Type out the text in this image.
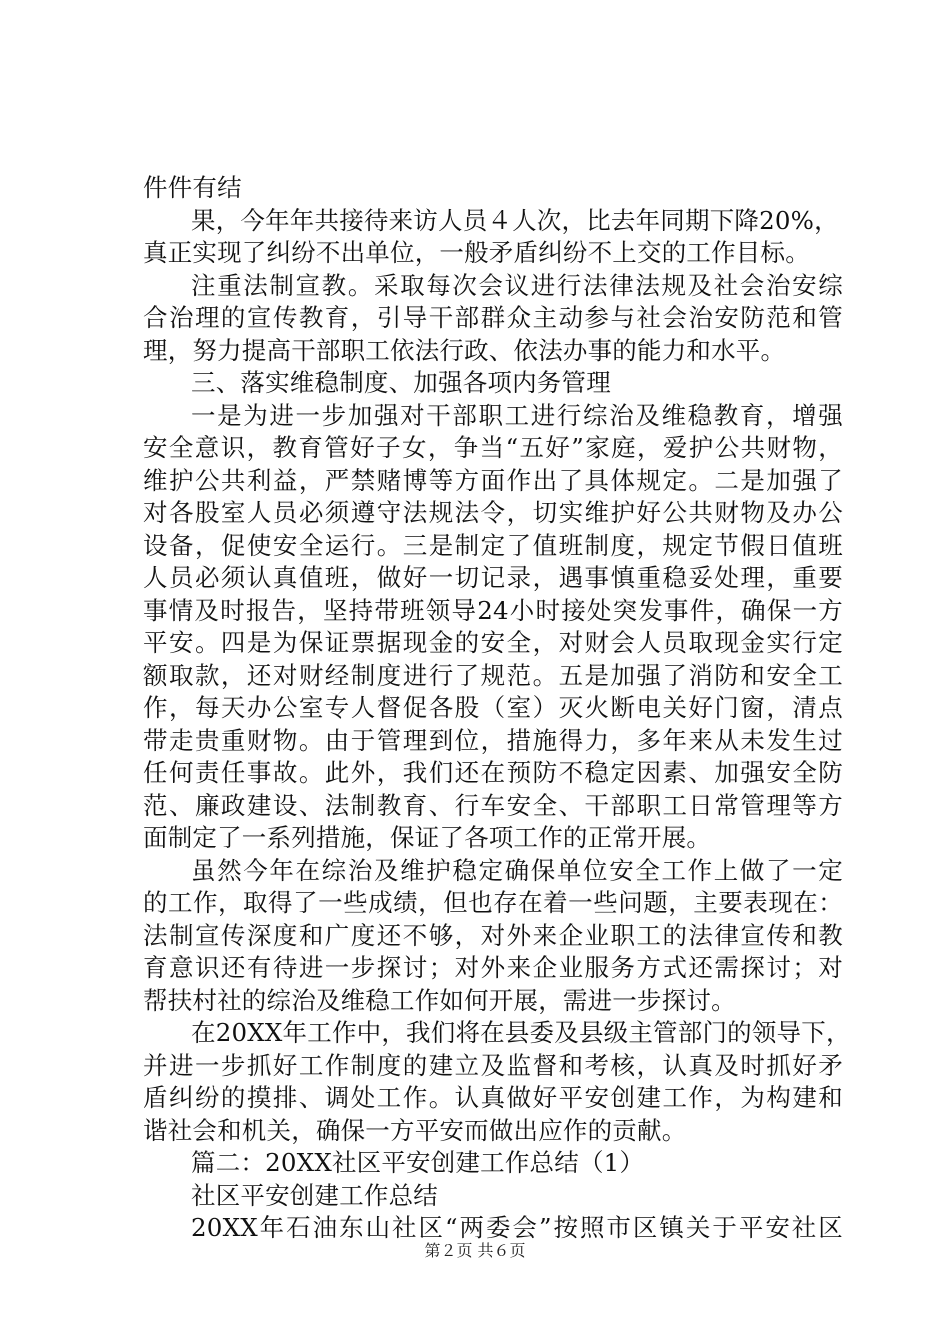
件件有结
果，今年年共接待来访人员４人次，比去年同期下降20%，
真正实现了纠纷不出单位，一般矛盾纠纷不上交的工作目标。
注重法制宣教。采取每次会议进行法律法规及社会治安综
合治理的宣传教育，引导干部群众主动参与社会治安防范和管
理，努力提高干部职工依法行政、依法办事的能力和水平。
三、落实维稳制度、加强各项内务管理
一是为进一步加强对干部职工进行综治及维稳教育，增强
安全意识，教育管好子女，争当“五好”家庭，爱护公共财物，
维护公共利益，严禁赌博等方面作出了具体规定。二是加强了
对各股室人员必须遵守法规法令，切实维护好公共财物及办公
设备，促使安全运行。三是制定了值班制度，规定节假日值班
人员必须认真值班，做好一切记录，遇事慎重稳妥处理，重要
事情及时报告，坚持带班领导24小时接处突发事件，确保一方
平安。四是为保证票据现金的安全，对财会人员取现金实行定
额取款，还对财经制度进行了规范。五是加强了消防和安全工
作，每天办公室专人督促各股（室）灭火断电关好门窗，清点
带走贵重财物。由于管理到位，措施得力，多年来从未发生过
任何责任事故。此外，我们还在预防不稳定因素、加强安全防
范、廉政建设、法制教育、行车安全、干部职工日常管理等方
面制定了一系列措施，保证了各项工作的正常开展。
虽然今年在综治及维护稳定确保单位安全工作上做了一定
的工作，取得了一些成绩，但也存在着一些问题，主要表现在：
法制宣传深度和广度还不够，对外来企业职工的法律宣传和教
育意识还有待进一步探讨；对外来企业服务方式还需探讨；对
帮扶村社的综治及维稳工作如何开展，需进一步探讨。
在20XX年工作中，我们将在县委及县级主管部门的领导下，
并进一步抓好工作制度的建立及监督和考核，认真及时抓好矛
盾纠纷的摸排、调处工作。认真做好平安创建工作，为构建和
谐社会和机关，确保一方平安而做出应作的贡献。
篇二：20XX社区平安创建工作总结（1）
社区平安创建工作总结
20XX年石油东山社区“两委会”按照市区镇关于平安社区
第２页 共６页
